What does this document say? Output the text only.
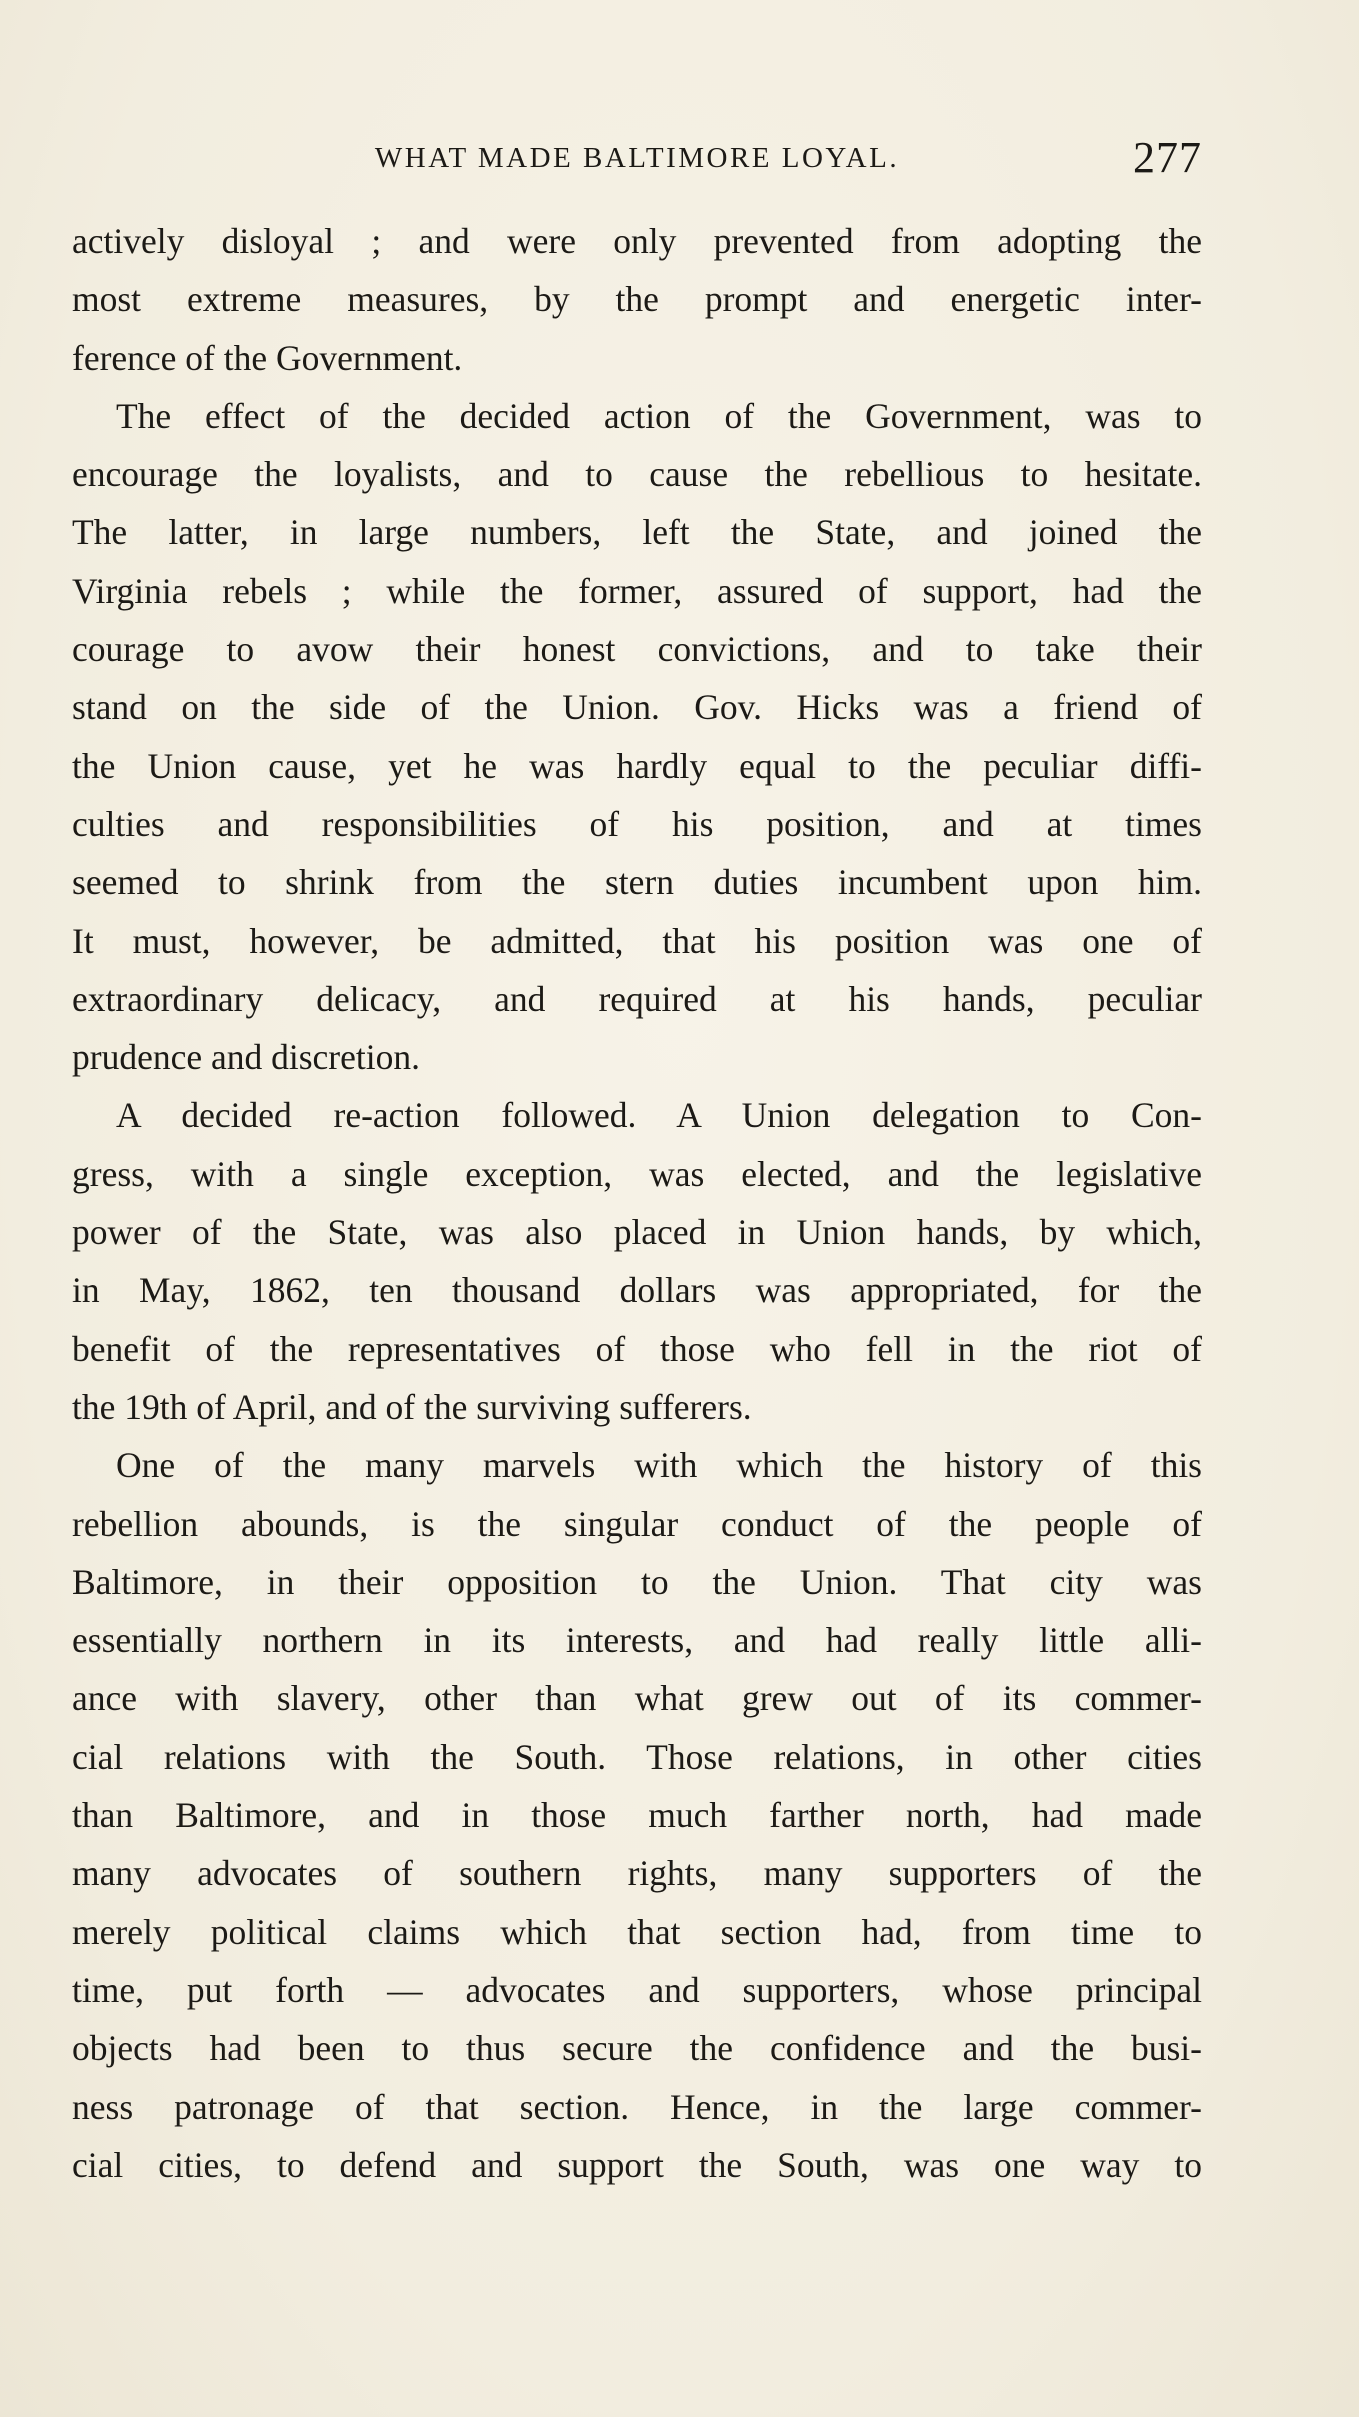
WHAT MADE BALTIMORE LOYAL.	277
actively disloyal ; and were only prevented from adopting the
most extreme measures, by the prompt and energetic inter-
ference of the Government.
The effect of the decided action of the Government, was to
encourage the loyalists, and to cause the rebellious to hesitate.
The latter, in large numbers, left the State, and joined the
Virginia rebels ; while the former, assured of support, had the
courage to avow their honest convictions, and to take their
stand on the side of the Union. Gov. Hicks was a friend of
the Union cause, yet he was hardly equal to the peculiar diffi-
culties and responsibilities of his position, and at times
seemed to shrink from the stern duties incumbent upon him.
It must, however, be admitted, that his position was one of
extraordinary delicacy, and required at his hands, peculiar
prudence and discretion.
A decided re-action followed. A Union delegation to Con-
gress, with a single exception, was elected, and the legislative
power of the State, was also placed in Union hands, by which,
in May, 1862, ten thousand dollars was appropriated, for the
benefit of the representatives of those who fell in the riot of
the 19th of April, and of the surviving sufferers.
One of the many marvels with which the history of this
rebellion abounds, is the singular conduct of the people of
Baltimore, in their opposition to the Union. That city was
essentially northern in its interests, and had really little alli-
ance with slavery, other than what grew out of its commer-
cial relations with the South. Those relations, in other cities
than Baltimore, and in those much farther north, had made
many advocates of southern rights, many supporters of the
merely political claims which that section had, from time to
time, put forth — advocates and supporters, whose principal
objects had been to thus secure the confidence and the busi-
ness patronage of that section. Hence, in the large commer-
cial cities, to defend and support the South, was one way to
